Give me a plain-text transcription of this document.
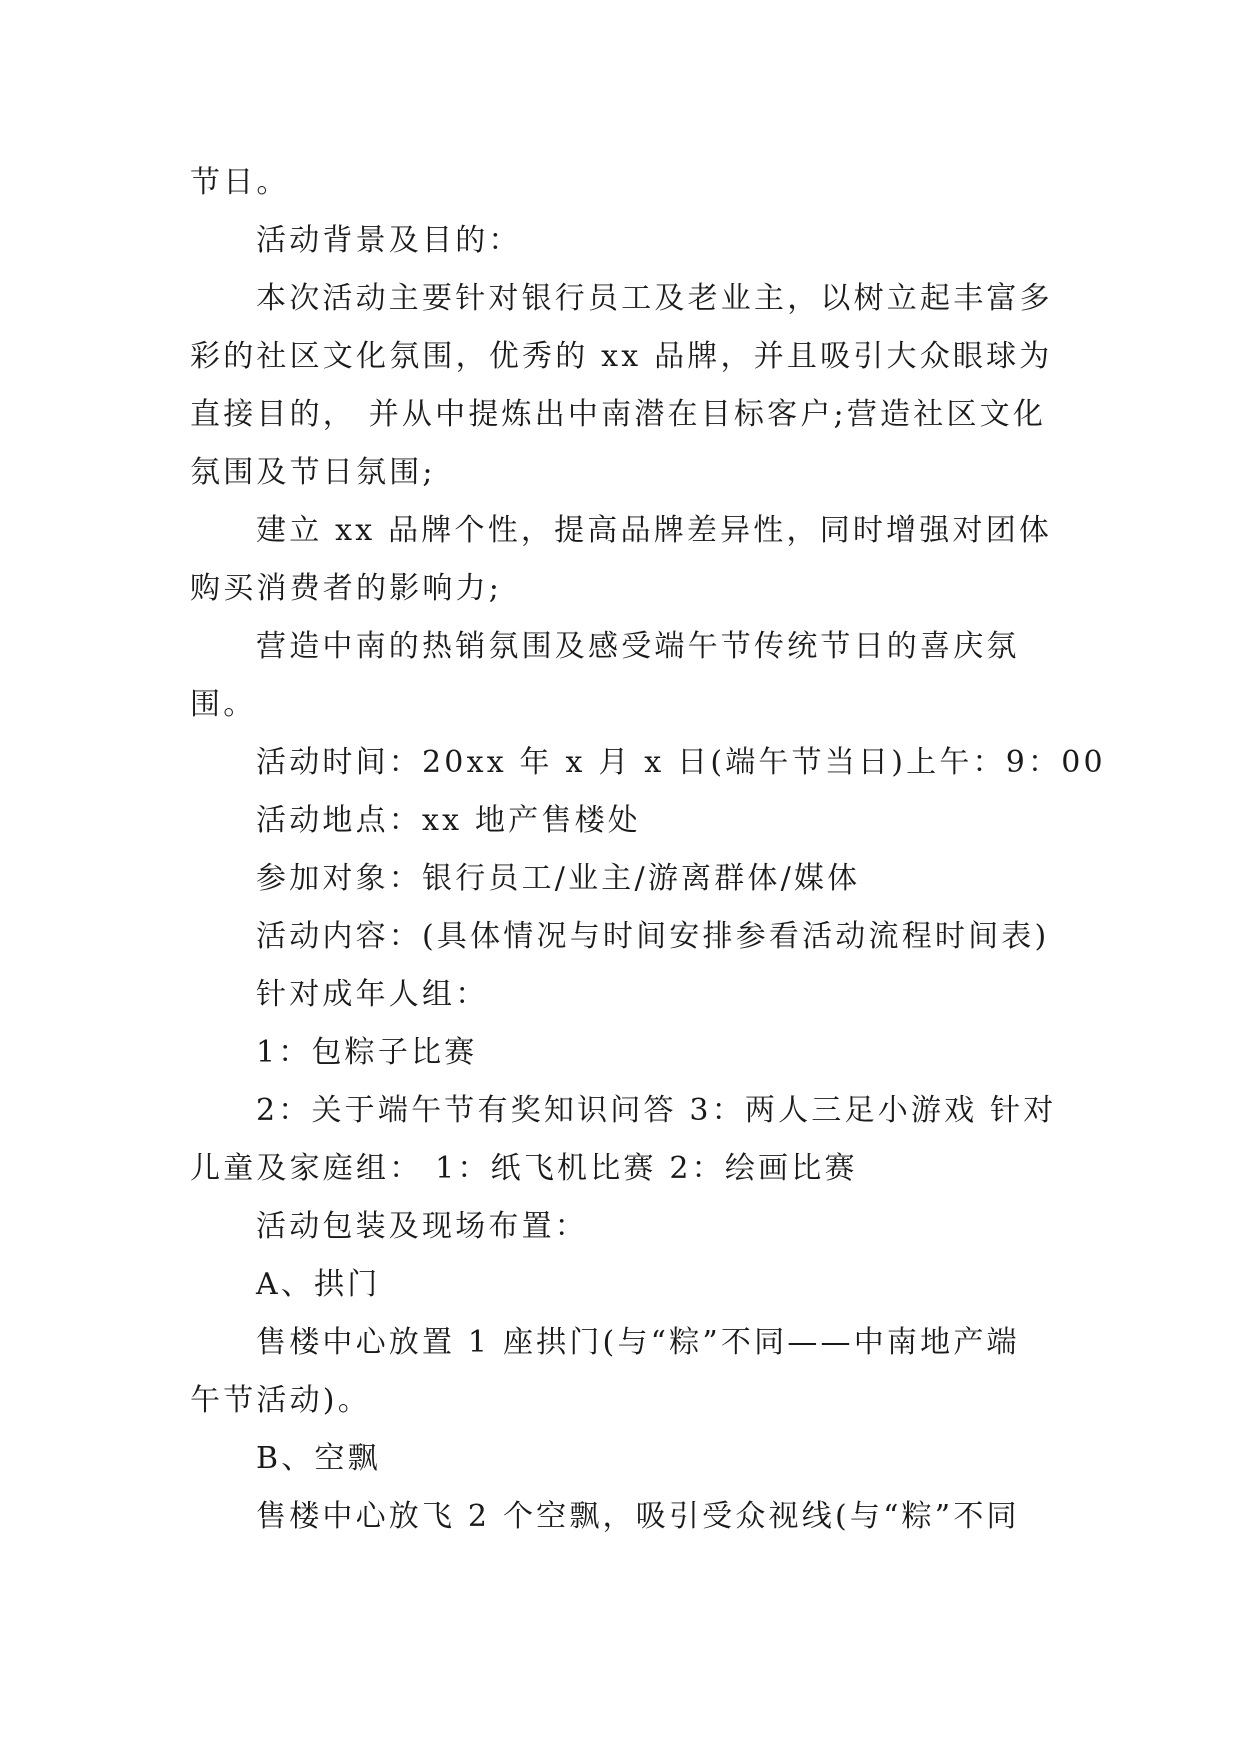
节日。
活动背景及目的：
本次活动主要针对银行员工及老业主，以树立起丰富多
彩的社区文化氛围，优秀的 xx 品牌，并且吸引大众眼球为
直接目的， 并从中提炼出中南潜在目标客户;营造社区文化
氛围及节日氛围;
建立 xx 品牌个性，提高品牌差异性，同时增强对团体
购买消费者的影响力;
营造中南的热销氛围及感受端午节传统节日的喜庆氛
围。
活动时间：20xx 年 x 月 x 日(端午节当日)上午：9：00
活动地点：xx 地产售楼处
参加对象：银行员工/业主/游离群体/媒体
活动内容：(具体情况与时间安排参看活动流程时间表)
针对成年人组：
1：包粽子比赛
2：关于端午节有奖知识问答 3：两人三足小游戏 针对
儿童及家庭组： 1：纸飞机比赛 2：绘画比赛
活动包装及现场布置：
A、拱门
售楼中心放置 1 座拱门(与“粽”不同——中南地产端
午节活动)。
B、空飘
售楼中心放飞 2 个空飘，吸引受众视线(与“粽”不同
